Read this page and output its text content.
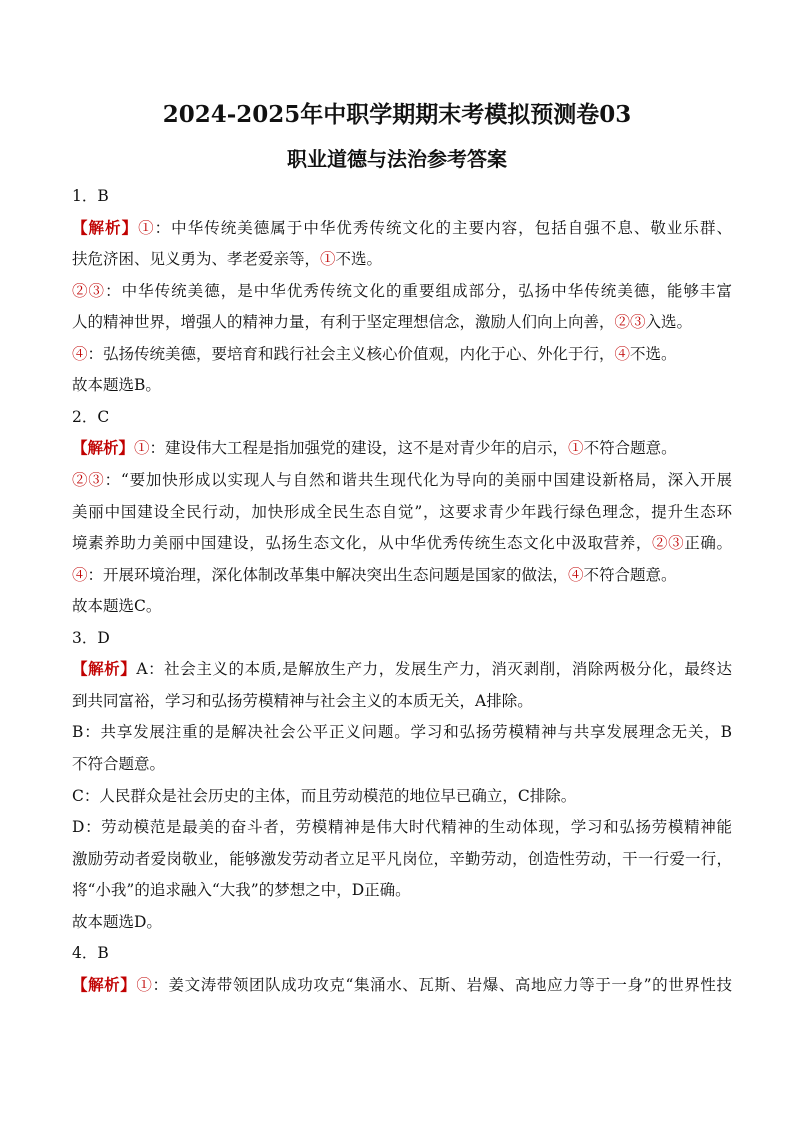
2024-2025年中职学期期末考模拟预测卷03
职业道德与法治参考答案
1．B
【解析】①：中华传统美德属于中华优秀传统文化的主要内容，包括自强不息、敬业乐群、
扶危济困、见义勇为、孝老爱亲等，①不选。
②③：中华传统美德，是中华优秀传统文化的重要组成部分，弘扬中华传统美德，能够丰富
人的精神世界，增强人的精神力量，有利于坚定理想信念，激励人们向上向善，②③入选。
④：弘扬传统美德，要培育和践行社会主义核心价值观，内化于心、外化于行，④不选。
故本题选B。
2．C
【解析】①：建设伟大工程是指加强党的建设，这不是对青少年的启示，①不符合题意。
②③：“要加快形成以实现人与自然和谐共生现代化为导向的美丽中国建设新格局，深入开展
美丽中国建设全民行动，加快形成全民生态自觉”，这要求青少年践行绿色理念，提升生态环
境素养助力美丽中国建设，弘扬生态文化，从中华优秀传统生态文化中汲取营养，②③正确。
④：开展环境治理，深化体制改革集中解决突出生态问题是国家的做法，④不符合题意。
故本题选C。
3．D
【解析】A：社会主义的本质,是解放生产力，发展生产力，消灭剥削，消除两极分化，最终达
到共同富裕，学习和弘扬劳模精神与社会主义的本质无关，A排除。
B：共享发展注重的是解决社会公平正义问题。学习和弘扬劳模精神与共享发展理念无关，B
不符合题意。
C：人民群众是社会历史的主体，而且劳动模范的地位早已确立，C排除。
D：劳动模范是最美的奋斗者，劳模精神是伟大时代精神的生动体现，学习和弘扬劳模精神能
激励劳动者爱岗敬业，能够激发劳动者立足平凡岗位，辛勤劳动，创造性劳动，干一行爱一行，
将“小我”的追求融入“大我”的梦想之中，D正确。
故本题选D。
4．B
【解析】①：姜文涛带领团队成功攻克“集涌水、瓦斯、岩爆、高地应力等于一身”的世界性技
